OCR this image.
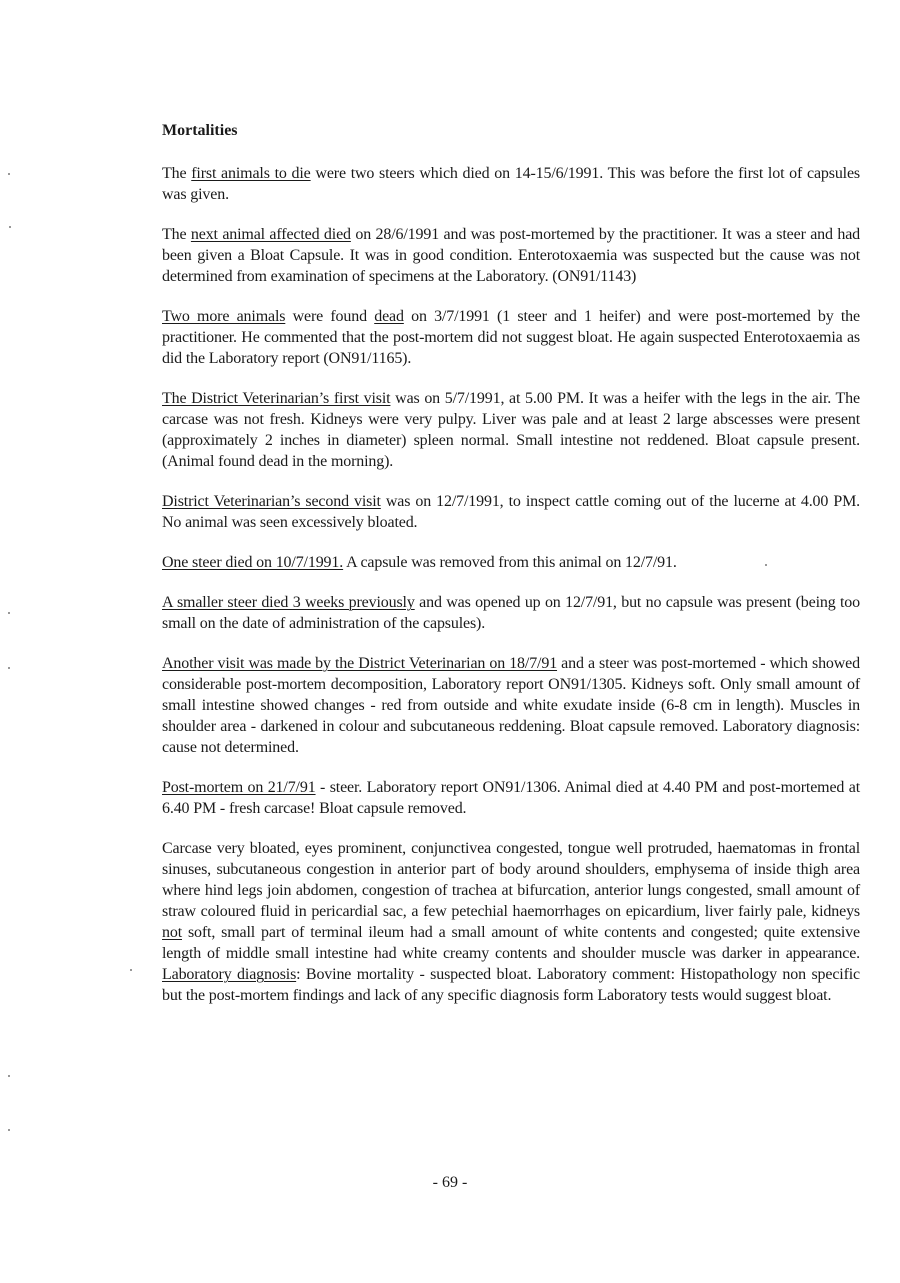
Mortalities

The first animals to die were two steers which died on 14-15/6/1991. This was before the first lot of capsules was given.

The next animal affected died on 28/6/1991 and was post-mortemed by the practitioner. It was a steer and had been given a Bloat Capsule. It was in good condition. Enterotoxaemia was suspected but the cause was not determined from examination of specimens at the Laboratory. (ON91/1143)

Two more animals were found dead on 3/7/1991 (1 steer and 1 heifer) and were post-mortemed by the practitioner. He commented that the post-mortem did not suggest bloat. He again suspected Enterotoxaemia as did the Laboratory report (ON91/1165).

The District Veterinarian’s first visit was on 5/7/1991, at 5.00 PM. It was a heifer with the legs in the air. The carcase was not fresh. Kidneys were very pulpy. Liver was pale and at least 2 large abscesses were present (approximately 2 inches in diameter) spleen normal. Small intestine not reddened. Bloat capsule present. (Animal found dead in the morning).

District Veterinarian’s second visit was on 12/7/1991, to inspect cattle coming out of the lucerne at 4.00 PM. No animal was seen excessively bloated.

One steer died on 10/7/1991. A capsule was removed from this animal on 12/7/91.

A smaller steer died 3 weeks previously and was opened up on 12/7/91, but no capsule was present (being too small on the date of administration of the capsules).

Another visit was made by the District Veterinarian on 18/7/91 and a steer was post-mortemed - which showed considerable post-mortem decomposition, Laboratory report ON91/1305. Kidneys soft. Only small amount of small intestine showed changes - red from outside and white exudate inside (6-8 cm in length). Muscles in shoulder area - darkened in colour and subcutaneous reddening. Bloat capsule removed. Laboratory diagnosis: cause not determined.

Post-mortem on 21/7/91 - steer. Laboratory report ON91/1306. Animal died at 4.40 PM and post-mortemed at 6.40 PM - fresh carcase! Bloat capsule removed.

Carcase very bloated, eyes prominent, conjunctivea congested, tongue well protruded, haematomas in frontal sinuses, subcutaneous congestion in anterior part of body around shoulders, emphysema of inside thigh area where hind legs join abdomen, congestion of trachea at bifurcation, anterior lungs congested, small amount of straw coloured fluid in pericardial sac, a few petechial haemorrhages on epicardium, liver fairly pale, kidneys not soft, small part of terminal ileum had a small amount of white contents and congested; quite extensive length of middle small intestine had white creamy contents and shoulder muscle was darker in appearance. Laboratory diagnosis: Bovine mortality - suspected bloat. Laboratory comment: Histopathology non specific but the post-mortem findings and lack of any specific diagnosis form Laboratory tests would suggest bloat.

- 69 -
